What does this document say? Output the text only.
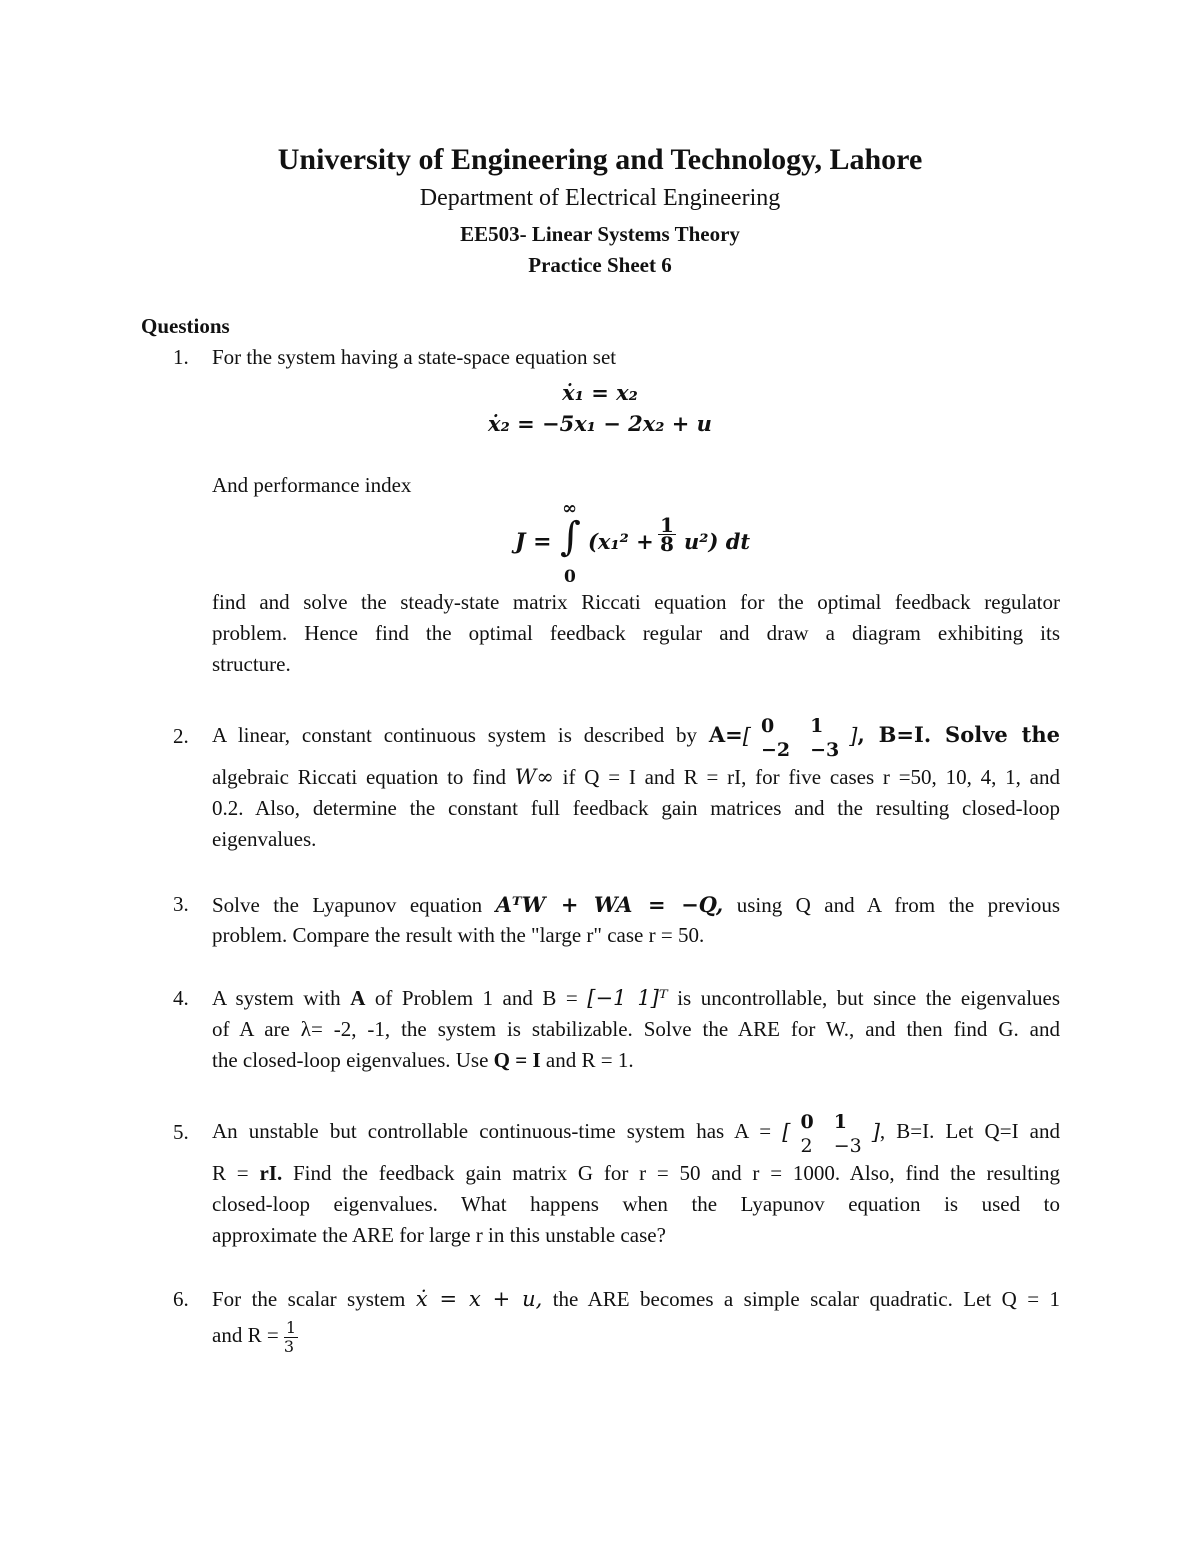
University of Engineering and Technology, Lahore
Department of Electrical Engineering
EE503- Linear Systems Theory
Practice Sheet 6
Questions
1. For the system having a state-space equation set
ẋ₁ = x₂
ẋ₂ = −5x₁ − 2x₂ + u
And performance index
∞
J = ∫ $(x_1^2 + \frac{1}{8} u^2)$ dt
0
find and solve the steady-state matrix Riccati equation for the optimal feedback regulator
problem. Hence find the optimal feedback regular and draw a diagram exhibiting its
structure.
2. A linear, constant continuous system is described by A=[ 0	1
−2	−3], B=I. Solve the
algebraic Riccati equation to find W∞ if Q = I and R = rI, for five cases r =50, 10, 4, 1, and
0.2. Also, determine the constant full feedback gain matrices and the resulting closed-loop
eigenvalues.
3. Solve the Lyapunov equation AᵀW + WA = −Q, using Q and A from the previous
problem. Compare the result with the "large r" case r = 50.
4. A system with A of Problem 1 and B = [−1 1]ᵀ is uncontrollable, but since the eigenvalues
of A are λ= -2, -1, the system is stabilizable. Solve the ARE for W., and then find G. and
the closed-loop eigenvalues. Use Q = I and R = 1.
5. An unstable but controllable continuous-time system has A = [ 0	1
2	−3], B=I. Let Q=I and
R = rI. Find the feedback gain matrix G for r = 50 and r = 1000. Also, find the resulting
closed-loop eigenvalues. What happens when the Lyapunov equation is used to
approximate the ARE for large r in this unstable case?
6. For the scalar system ẋ = x + u, the ARE becomes a simple scalar quadratic. Let Q = 1
and $R = \frac{1}{3}$
